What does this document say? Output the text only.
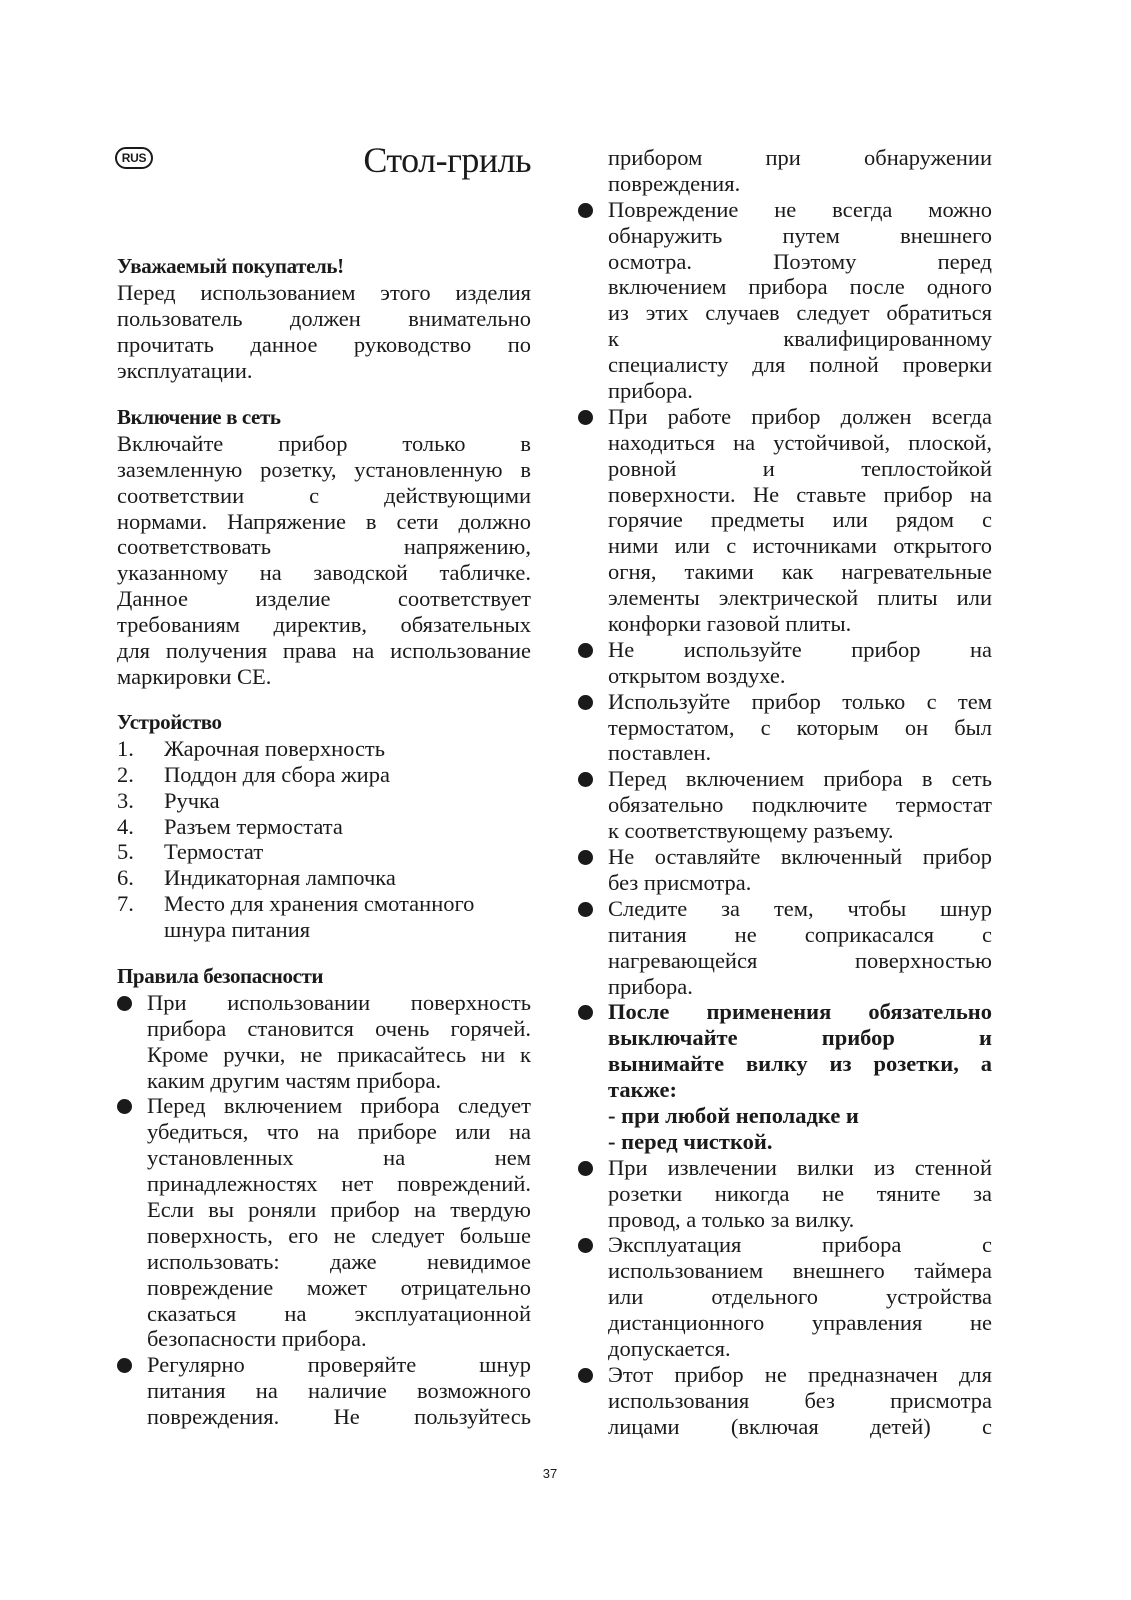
RUS	Стол-гриль
Уважаемый покупатель!
Перед использованием этого изделия
пользователь должен внимательно
прочитать данное руководство по
эксплуатации.
Включение в сеть
Включайте прибор только в
заземленную розетку, установленную в
соответствии с действующими
нормами. Напряжение в сети должно
соответствовать напряжению,
указанному на заводской табличке.
Данное изделие соответствует
требованиям директив, обязательных
для получения права на использование
маркировки CE.
Устройство
1. Жарочная поверхность
2. Поддон для сбора жира
3. Ручка
4. Разъем термостата
5. Термостат
6. Индикаторная лампочка
7. Место для хранения смотанного
шнура питания
Правила безопасности
При использовании поверхность
прибора становится очень горячей.
Кроме ручки, не прикасайтесь ни к
каким другим частям прибора.
Перед включением прибора следует
убедиться, что на приборе или на
установленных на нем
принадлежностях нет повреждений.
Если вы роняли прибор на твердую
поверхность, его не следует больше
использовать: даже невидимое
повреждение может отрицательно
сказаться на эксплуатационной
безопасности прибора.
Регулярно проверяйте шнур
питания на наличие возможного
повреждения. Не пользуйтесь
прибором при обнаружении
повреждения.
Повреждение не всегда можно
обнаружить путем внешнего
осмотра. Поэтому перед
включением прибора после одного
из этих случаев следует обратиться
к квалифицированному
специалисту для полной проверки
прибора.
При работе прибор должен всегда
находиться на устойчивой, плоской,
ровной и теплостойкой
поверхности. Не ставьте прибор на
горячие предметы или рядом с
ними или с источниками открытого
огня, такими как нагревательные
элементы электрической плиты или
конфорки газовой плиты.
Не используйте прибор на
открытом воздухе.
Используйте прибор только с тем
термостатом, с которым он был
поставлен.
Перед включением прибора в сеть
обязательно подключите термостат
к соответствующему разъему.
Не оставляйте включенный прибор
без присмотра.
Следите за тем, чтобы шнур
питания не соприкасался с
нагревающейся поверхностью
прибора.
После применения обязательно
выключайте прибор и
вынимайте вилку из розетки, а
также:
- при любой неполадке и
- перед чисткой.
При извлечении вилки из стенной
розетки никогда не тяните за
провод, а только за вилку.
Эксплуатация прибора с
использованием внешнего таймера
или отдельного устройства
дистанционного управления не
допускается.
Этот прибор не предназначен для
использования без присмотра
лицами (включая детей) с
37
